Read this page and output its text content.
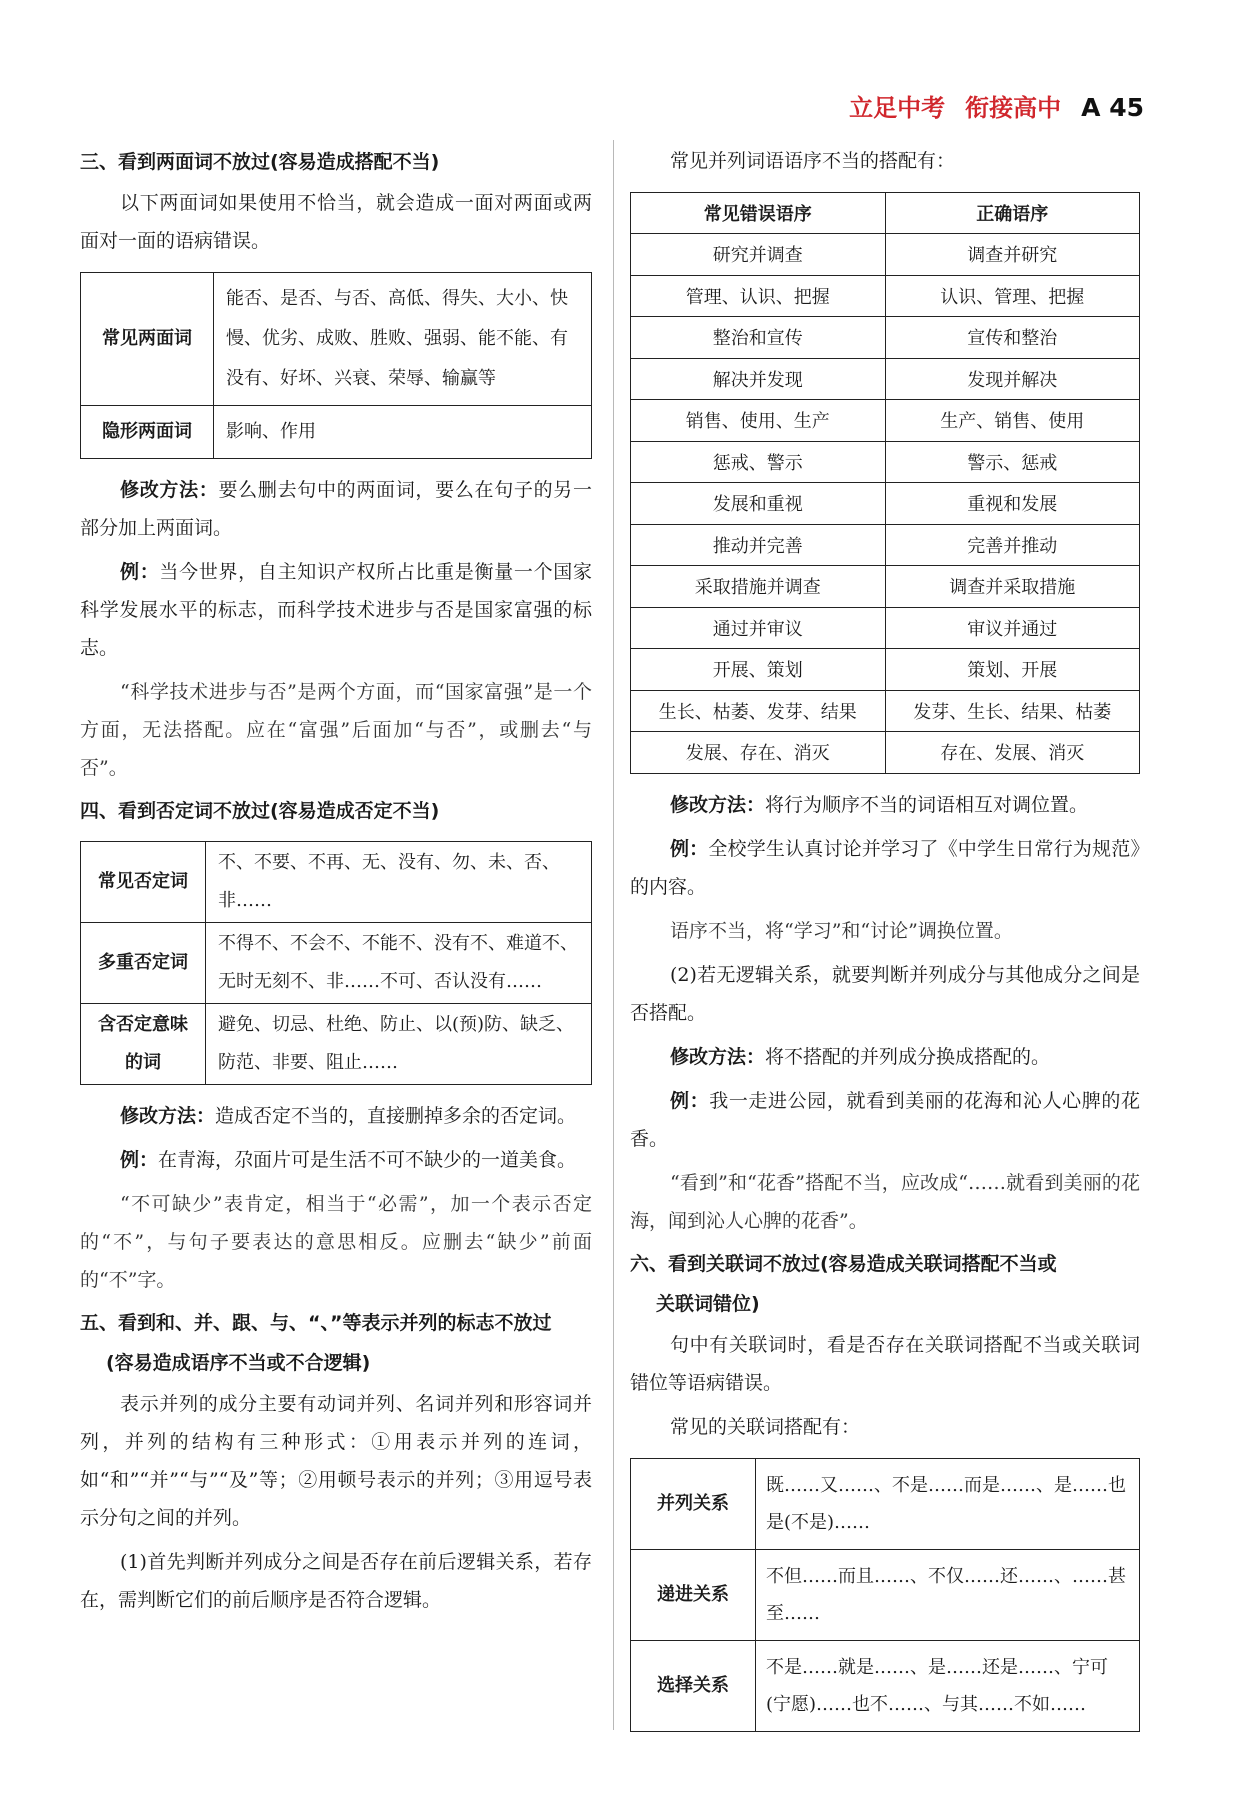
立足中考 衔接高中 A 45
三、看到两面词不放过(容易造成搭配不当)

以下两面词如果使用不恰当，就会造成一面对两面或两面对一面的语病错误。

常见两面词	能否、是否、与否、高低、得失、大小、快慢、优劣、成败、胜败、强弱、能不能、有没有、好坏、兴衰、荣辱、输赢等
隐形两面词	影响、作用

修改方法：要么删去句中的两面词，要么在句子的另一部分加上两面词。

例：当今世界，自主知识产权所占比重是衡量一个国家科学发展水平的标志，而科学技术进步与否是国家富强的标志。

“科学技术进步与否”是两个方面，而“国家富强”是一个方面，无法搭配。应在“富强”后面加“与否”，或删去“与否”。

四、看到否定词不放过(容易造成否定不当)
常见否定词	不、不要、不再、无、没有、勿、未、否、非……
多重否定词	不得不、不会不、不能不、没有不、难道不、无时无刻不、非……不可、否认没有……
含否定意味的词	避免、切忌、杜绝、防止、以(预)防、缺乏、防范、非要、阻止……

修改方法：造成否定不当的，直接删掉多余的否定词。

例：在青海，尕面片可是生活不可不缺少的一道美食。

“不可缺少”表肯定，相当于“必需”，加一个表示否定的“不”，与句子要表达的意思相反。应删去“缺少”前面的“不”字。

五、看到和、并、跟、与、“、”等表示并列的标志不放过
(容易造成语序不当或不合逻辑)

表示并列的成分主要有动词并列、名词并列和形容词并列，并列的结构有三种形式：①用表示并列的连词，如“和”“并”“与”“及”等；②用顿号表示的并列；③用逗号表示分句之间的并列。

(1)首先判断并列成分之间是否存在前后逻辑关系，若存在，需判断它们的前后顺序是否符合逻辑。

常见并列词语语序不当的搭配有：

常见错误语序	正确语序
研究并调查	调查并研究
管理、认识、把握	认识、管理、把握
整治和宣传	宣传和整治
解决并发现	发现并解决
销售、使用、生产	生产、销售、使用
惩戒、警示	警示、惩戒
发展和重视	重视和发展
推动并完善	完善并推动
采取措施并调查	调查并采取措施
通过并审议	审议并通过
开展、策划	策划、开展
生长、枯萎、发芽、结果	发芽、生长、结果、枯萎
发展、存在、消灭	存在、发展、消灭

修改方法：将行为顺序不当的词语相互对调位置。

例：全校学生认真讨论并学习了《中学生日常行为规范》的内容。

语序不当，将“学习”和“讨论”调换位置。

(2)若无逻辑关系，就要判断并列成分与其他成分之间是否搭配。

修改方法：将不搭配的并列成分换成搭配的。

例：我一走进公园，就看到美丽的花海和沁人心脾的花香。

“看到”和“花香”搭配不当，应改成“……就看到美丽的花海，闻到沁人心脾的花香”。

六、看到关联词不放过(容易造成关联词搭配不当或
关联词错位)

句中有关联词时，看是否存在关联词搭配不当或关联词错位等语病错误。

常见的关联词搭配有：

并列关系	既……又……、不是……而是……、是……也是(不是)……
递进关系	不但……而且……、不仅……还……、……甚至……
选择关系	不是……就是……、是……还是……、宁可(宁愿)……也不……、与其……不如……
